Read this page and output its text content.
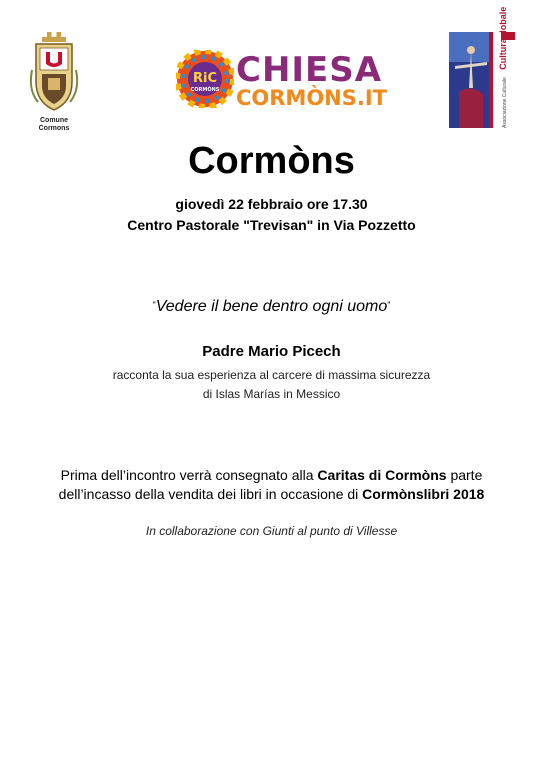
Comune
Cormons
RiC
CORMÒNS CHIESA
CORMÒNS.IT	Associazione Culturale Culturaglobale
Cormòns
giovedì 22 febbraio ore 17.30
Centro Pastorale "Trevisan" in Via Pozzetto
"Vedere il bene dentro ogni uomo"
Padre Mario Picech
racconta la sua esperienza al carcere di massima sicurezza
di Islas Marías in Messico
Prima dell’incontro verrà consegnato alla Caritas di Cormòns parte
dell’incasso della vendita dei libri in occasione di Cormònslibri 2018
In collaborazione con Giunti al punto di Villesse
